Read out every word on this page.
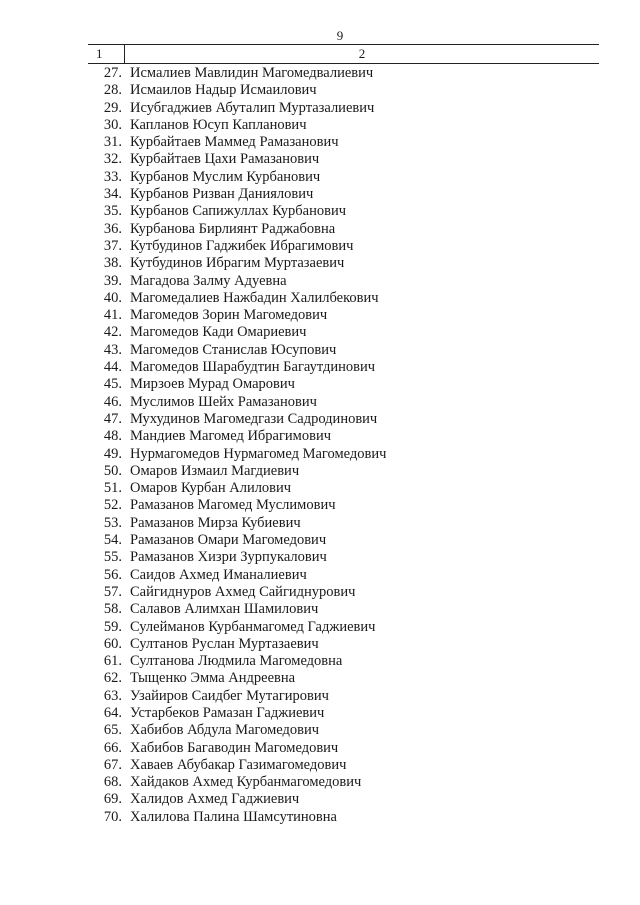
9
1	2
27. Исмалиев Мавлидин Магомедвалиевич
28. Исмаилов Надыр Исмаилович
29. Исубгаджиев Абуталип Муртазалиевич
30. Капланов Юсуп Капланович
31. Курбайтаев Маммед Рамазанович
32. Курбайтаев Цахи Рамазанович
33. Курбанов Муслим Курбанович
34. Курбанов Ризван Даниялович
35. Курбанов Сапижуллах Курбанович
36. Курбанова Бирлиянт Раджабовна
37. Кутбудинов Гаджибек Ибрагимович
38. Кутбудинов Ибрагим Муртазаевич
39. Магадова Залму Адуевна
40. Магомедалиев Нажбадин Халилбекович
41. Магомедов Зорин Магомедович
42. Магомедов Кади Омариевич
43. Магомедов Станислав Юсупович
44. Магомедов Шарабудтин Багаутдинович
45. Мирзоев Мурад Омарович
46. Муслимов Шейх Рамазанович
47. Мухудинов Магомедгази Садродинович
48. Мандиев Магомед Ибрагимович
49. Нурмагомедов Нурмагомед Магомедович
50. Омаров Измаил Магдиевич
51. Омаров Курбан Алилович
52. Рамазанов Магомед Муслимович
53. Рамазанов Мирза Кубиевич
54. Рамазанов Омари Магомедович
55. Рамазанов Хизри Зурпукалович
56. Саидов Ахмед Иманалиевич
57. Сайгиднуров Ахмед Сайгиднурович
58. Салавов Алимхан Шамилович
59. Сулейманов Курбанмагомед Гаджиевич
60. Султанов Руслан Муртазаевич
61. Султанова Людмила Магомедовна
62. Тыщенко Эмма Андреевна
63. Узайиров Саидбег Мутагирович
64. Устарбеков Рамазан Гаджиевич
65. Хабибов Абдула Магомедович
66. Хабибов Багаводин Магомедович
67. Хаваев Абубакар Газимагомедович
68. Хайдаков Ахмед Курбанмагомедович
69. Халидов Ахмед Гаджиевич
70. Халилова Палина Шамсутиновна
